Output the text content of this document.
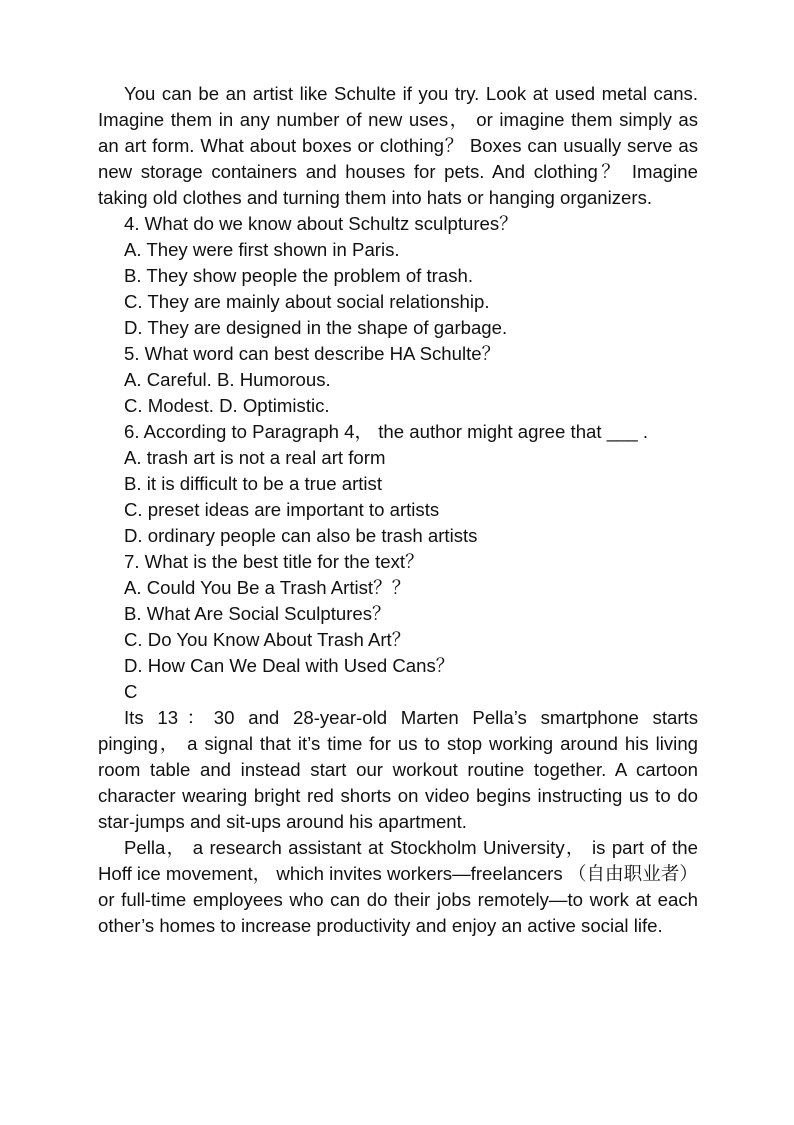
You can be an artist like Schulte if you try. Look at used metal cans. Imagine them in any number of new uses， or imagine them simply as an art form. What about boxes or clothing？ Boxes can usually serve as new storage containers and houses for pets. And clothing？ Imagine taking old clothes and turning them into hats or hanging organizers.

4. What do we know about Schultz sculptures？

A. They were first shown in Paris.

B. They show people the problem of trash.

C. They are mainly about social relationship.

D. They are designed in the shape of garbage.

5. What word can best describe HA Schulte？

A. Careful. B. Humorous.

C. Modest. D. Optimistic.

6. According to Paragraph 4， the author might agree that ___ .

A. trash art is not a real art form

B. it is difficult to be a true artist

C. preset ideas are important to artists

D. ordinary people can also be trash artists

7. What is the best title for the text？

A. Could You Be a Trash Artist？？

B. What Are Social Sculptures？

C. Do You Know About Trash Art？

D. How Can We Deal with Used Cans？

C

Its 13：30 and 28-year-old Marten Pella’s smartphone starts pinging， a signal that it’s time for us to stop working around his living room table and instead start our workout routine together. A cartoon character wearing bright red shorts on video begins instructing us to do star-jumps and sit-ups around his apartment.

Pella， a research assistant at Stockholm University， is part of the Hoff ice movement， which invites workers—freelancers （自由职业者） or full-time employees who can do their jobs remotely—to work at each other’s homes to increase productivity and enjoy an active social life.
